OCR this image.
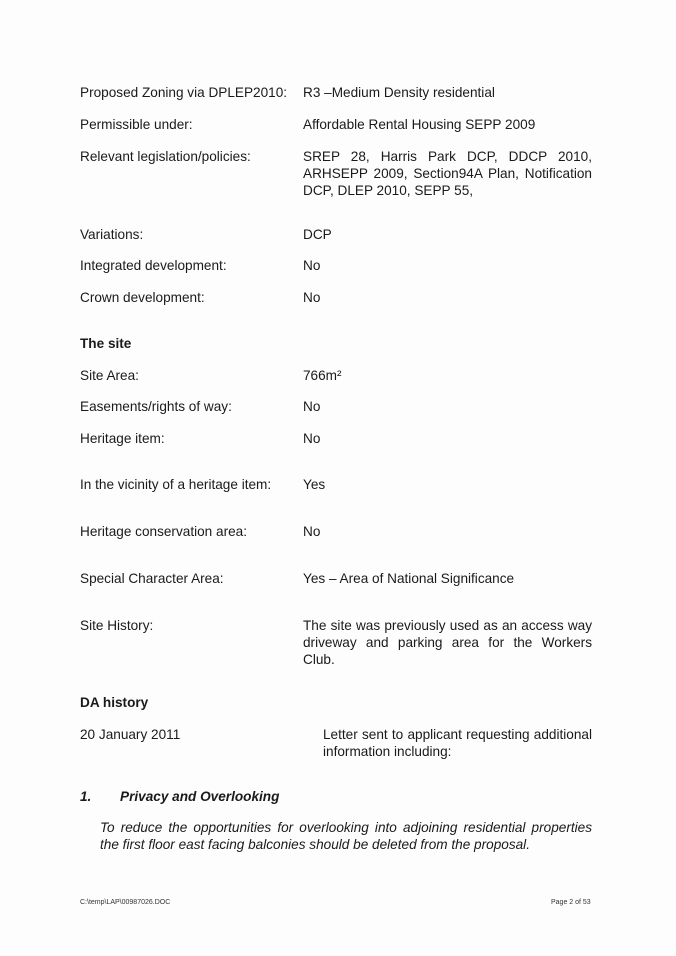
Proposed Zoning via DPLEP2010:	R3 –Medium Density residential
Permissible under:	Affordable Rental Housing SEPP 2009
Relevant legislation/policies:	SREP 28, Harris Park DCP, DDCP 2010, ARHSEPP 2009, Section94A Plan, Notification DCP, DLEP 2010, SEPP 55,
Variations:	DCP
Integrated development:	No
Crown development:	No
The site
Site Area:	766m²
Easements/rights of way:	No
Heritage item:	No
In the vicinity of a heritage item:	Yes
Heritage conservation area:	No
Special Character Area:	Yes – Area of National Significance
Site History:	The site was previously used as an access way driveway and parking area for the Workers Club.
DA history
20 January 2011	Letter sent to applicant requesting additional information including:
1. Privacy and Overlooking
To reduce the opportunities for overlooking into adjoining residential properties the first floor east facing balconies should be deleted from the proposal.
C:\temp\LAP\00987026.DOC	Page 2 of 53
